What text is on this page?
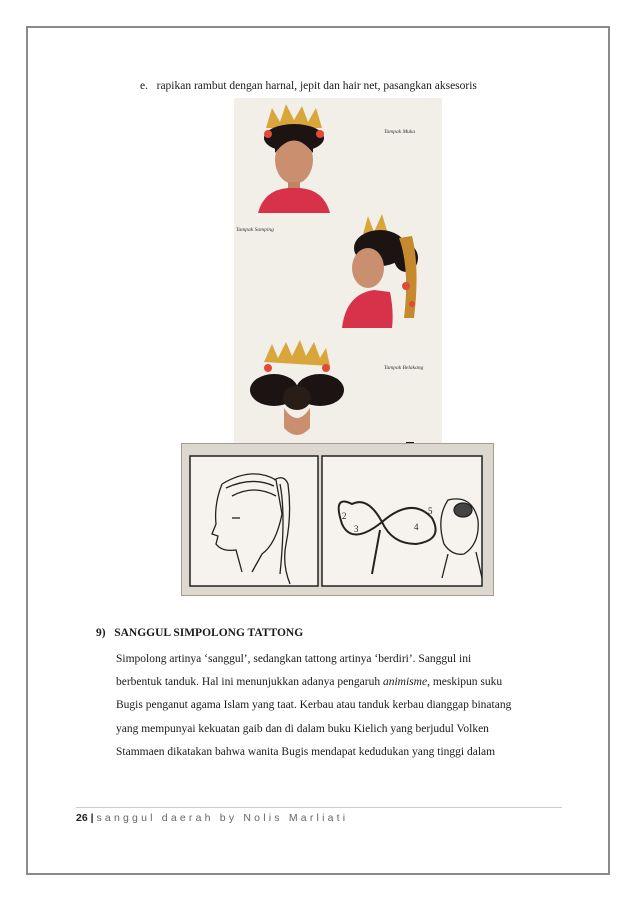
e. rapikan rambut dengan harnal, jepit dan hair net, pasangkan aksesoris
Tampak Muka
Tampak Samping
Tampak Belakang
2
3	4
5
9) SANGGUL SIMPOLONG TATTONG

Simpolong artinya ‘sanggul’, sedangkan tattong artinya ‘berdiri’. Sanggul ini

berbentuk tanduk. Hal ini menunjukkan adanya pengaruh animisme, meskipun suku

Bugis penganut agama Islam yang taat. Kerbau atau tanduk kerbau dianggap binatang

yang mempunyai kekuatan gaib dan di dalam buku Kielich yang berjudul Volken

Stammaen dikatakan bahwa wanita Bugis mendapat kedudukan yang tinggi dalam

26 | sanggul daerah by Nolis Marliati
